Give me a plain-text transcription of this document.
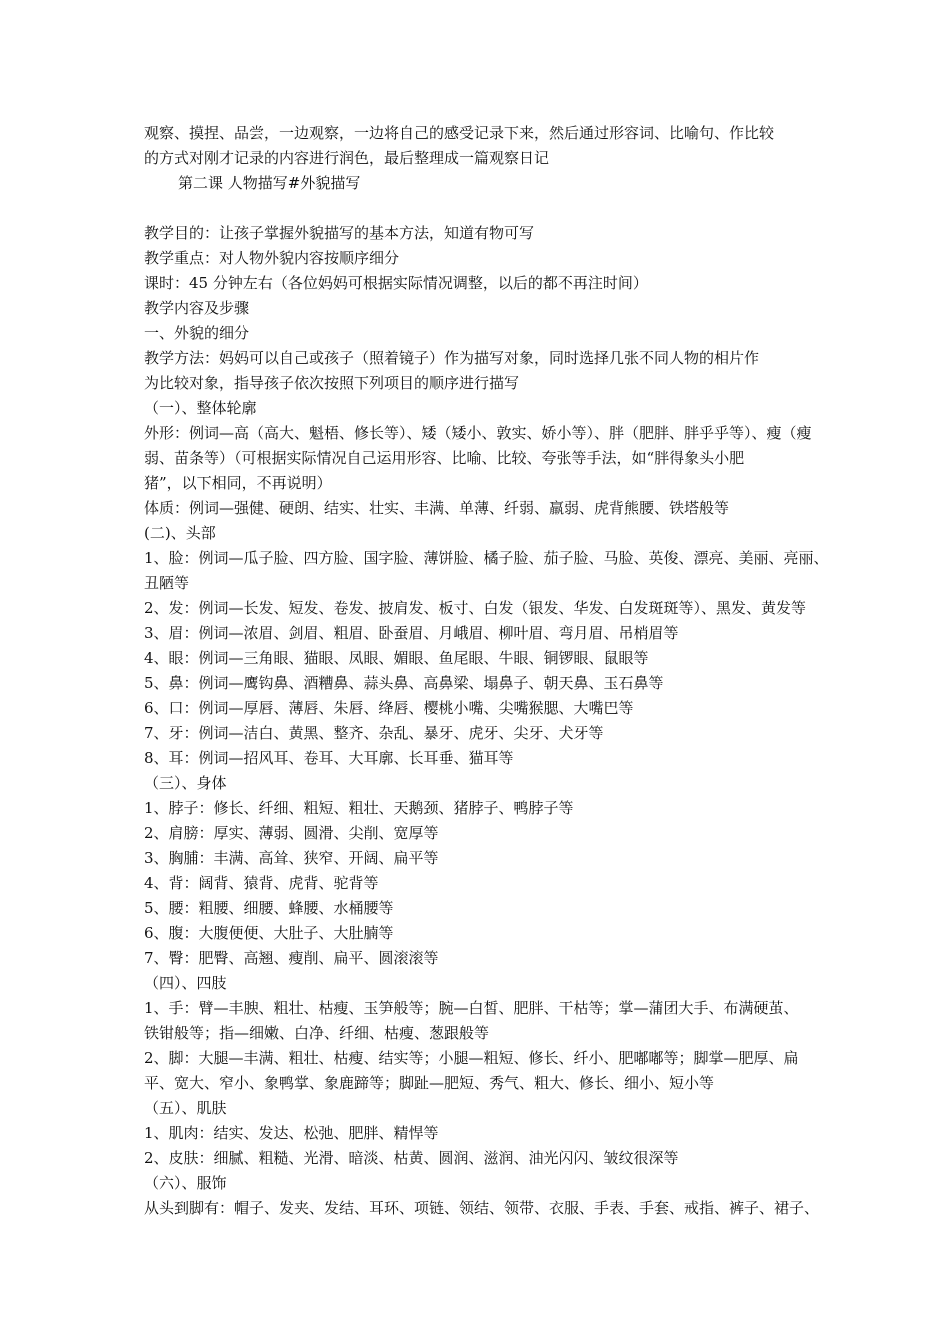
观察、摸捏、品尝，一边观察，一边将自己的感受记录下来，然后通过形容词、比喻句、作比较
的方式对刚才记录的内容进行润色，最后整理成一篇观察日记
第二课 人物描写#外貌描写
教学目的：让孩子掌握外貌描写的基本方法，知道有物可写
教学重点：对人物外貌内容按顺序细分
课时：45 分钟左右（各位妈妈可根据实际情况调整，以后的都不再注时间）
教学内容及步骤
一、外貌的细分
教学方法：妈妈可以自己或孩子（照着镜子）作为描写对象，同时选择几张不同人物的相片作
为比较对象，指导孩子依次按照下列项目的顺序进行描写
（一）、整体轮廓
外形：例词—高（高大、魁梧、修长等）、矮（矮小、敦实、娇小等）、胖（肥胖、胖乎乎等）、瘦（瘦
弱、苗条等）（可根据实际情况自己运用形容、比喻、比较、夸张等手法，如“胖得象头小肥
猪”，以下相同，不再说明）
体质：例词—强健、硬朗、结实、壮实、丰满、单薄、纤弱、羸弱、虎背熊腰、铁塔般等
(二)、头部
1、脸：例词—瓜子脸、四方脸、国字脸、薄饼脸、橘子脸、茄子脸、马脸、英俊、漂亮、美丽、亮丽、
丑陋等
2、发：例词—长发、短发、卷发、披肩发、板寸、白发（银发、华发、白发斑斑等）、黑发、黄发等
3、眉：例词—浓眉、剑眉、粗眉、卧蚕眉、月峨眉、柳叶眉、弯月眉、吊梢眉等
4、眼：例词—三角眼、猫眼、凤眼、媚眼、鱼尾眼、牛眼、铜锣眼、鼠眼等
5、鼻：例词—鹰钩鼻、酒糟鼻、蒜头鼻、高鼻梁、塌鼻子、朝天鼻、玉石鼻等
6、口：例词—厚唇、薄唇、朱唇、绛唇、樱桃小嘴、尖嘴猴腮、大嘴巴等
7、牙：例词—洁白、黄黑、整齐、杂乱、暴牙、虎牙、尖牙、犬牙等
8、耳：例词—招风耳、卷耳、大耳廓、长耳垂、猫耳等
（三）、身体
1、脖子：修长、纤细、粗短、粗壮、天鹅颈、猪脖子、鸭脖子等
2、肩膀：厚实、薄弱、圆滑、尖削、宽厚等
3、胸脯：丰满、高耸、狭窄、开阔、扁平等
4、背：阔背、猿背、虎背、驼背等
5、腰：粗腰、细腰、蜂腰、水桶腰等
6、腹：大腹便便、大肚子、大肚腩等
7、臀：肥臀、高翘、瘦削、扁平、圆滚滚等
（四）、四肢
1、手：臂—丰腴、粗壮、枯瘦、玉笋般等；腕—白皙、肥胖、干枯等；掌—蒲团大手、布满硬茧、
铁钳般等；指—细嫩、白净、纤细、枯瘦、葱跟般等
2、脚：大腿—丰满、粗壮、枯瘦、结实等；小腿—粗短、修长、纤小、肥嘟嘟等；脚掌—肥厚、扁
平、宽大、窄小、象鸭掌、象鹿蹄等；脚趾—肥短、秀气、粗大、修长、细小、短小等
（五）、肌肤
1、肌肉：结实、发达、松弛、肥胖、精悍等
2、皮肤：细腻、粗糙、光滑、暗淡、枯黄、圆润、滋润、油光闪闪、皱纹很深等
（六）、服饰
从头到脚有：帽子、发夹、发结、耳环、项链、领结、领带、衣服、手表、手套、戒指、裤子、裙子、
